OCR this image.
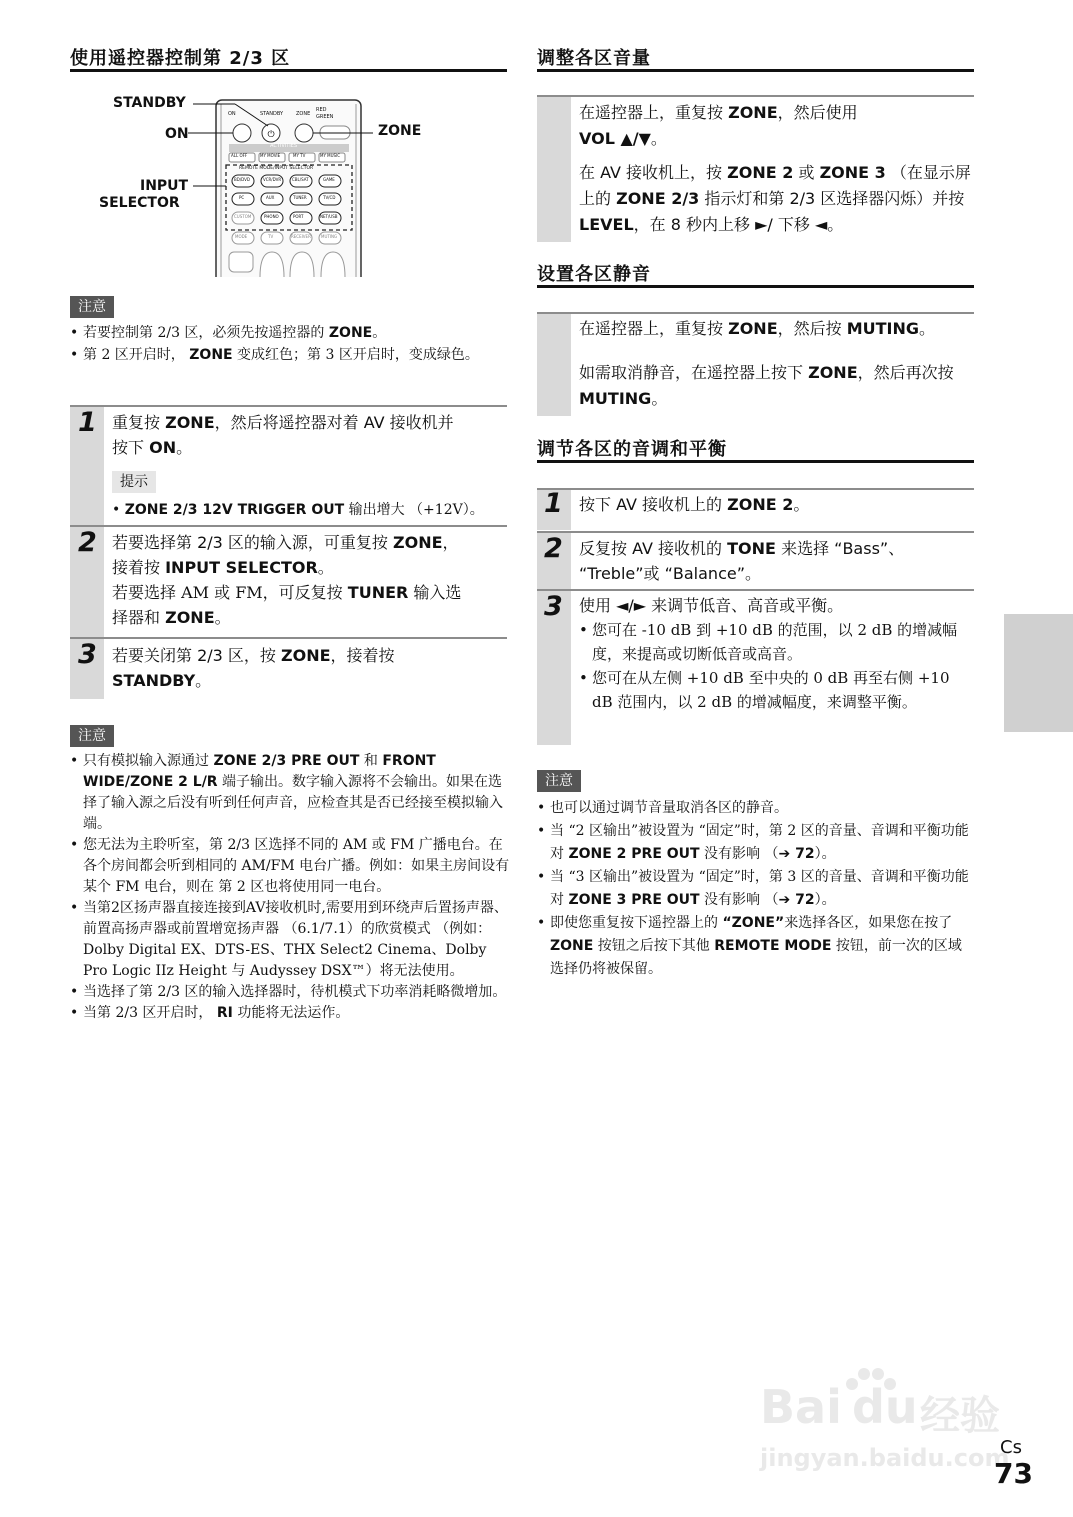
使用遥控器控制第 2/3 区
⏻
ON	STANDBY	ZONE
RED
GREEN
ACTIVITIES
ALL OFF	MY MOVIE	MY TV	MY MUSIC
REMOTE MODE/INPUT SELECTOR
BD/DVD	VCR/DVR	CBL/SAT	GAME
PC	AUX	TUNER	TV/CD
CUSTOM	PHONO	PORT	NET/USB
MODE	TV	RECEIVER	MUTING
STANDBY
ON	ZONE
INPUT
SELECTOR
注意
• 若要控制第 2/3 区，必须先按遥控器的 ZONE。
• 第 2 区开启时， ZONE 变成红色；第 3 区开启时，变成绿色。
1 重复按 ZONE，然后将遥控器对着 AV 接收机并
按下 ON。
提示
• ZONE 2/3 12V TRIGGER OUT 输出增大 （+12V）。
2 若要选择第 2/3 区的输入源，可重复按 ZONE，
接着按 INPUT SELECTOR。
若要选择 AM 或 FM，可反复按 TUNER 输入选
择器和 ZONE。
3 若要关闭第 2/3 区，按 ZONE，接着按
STANDBY。
注意
• 只有模拟输入源通过 ZONE 2/3 PRE OUT 和 FRONT WIDE/ZONE 2 L/R 端子输出。数字输入源将不会输出。如果在选择了输入源之后没有听到任何声音，应检查其是否已经接至模拟输入端。
• 您无法为主聆听室，第 2/3 区选择不同的 AM 或 FM 广播电台。在各个房间都会听到相同的 AM/FM 电台广播。例如：如果主房间设有某个 FM 电台，则在 第 2 区也将使用同一电台。
• 当第2区扬声器直接连接到AV接收机时,需要用到环绕声后置扬声器、前置高扬声器或前置增宽扬声器 （6.1/7.1）的欣赏模式 （例如：Dolby Digital EX、DTS-ES、THX Select2 Cinema、Dolby Pro Logic IIz Height 与 Audyssey DSX™）将无法使用。
• 当选择了第 2/3 区的输入选择器时，待机模式下功率消耗略微增加。
• 当第 2/3 区开启时， RI 功能将无法运作。
调整各区音量
在遥控器上，重复按 ZONE，然后使用
VOL ▲/▼。
在 AV 接收机上，按 ZONE 2 或 ZONE 3 （在显示屏上的 ZONE 2/3 指示灯和第 2/3 区选择器闪烁）并按 LEVEL，在 8 秒内上移 ►/ 下移 ◄。
设置各区静音
在遥控器上，重复按 ZONE，然后按 MUTING。
如需取消静音，在遥控器上按下 ZONE，然后再次按 MUTING。
调节各区的音调和平衡
1 按下 AV 接收机上的 ZONE 2。
2 反复按 AV 接收机的 TONE 来选择 “Bass”、
“Treble”或 “Balance”。
3 使用 ◄/► 来调节低音、高音或平衡。
• 您可在 -10 dB 到 +10 dB 的范围，以 2 dB 的增减幅度，来提高或切断低音或高音。
• 您可在从左侧 +10 dB 至中央的 0 dB 再至右侧 +10 dB 范围内，以 2 dB 的增减幅度，来调整平衡。
注意
• 也可以通过调节音量取消各区的静音。
• 当 “2 区输出”被设置为 “固定”时，第 2 区的音量、音调和平衡功能对 ZONE 2 PRE OUT 没有影响 （➔ 72）。
• 当 “3 区输出”被设置为 “固定”时，第 3 区的音量、音调和平衡功能对 ZONE 3 PRE OUT 没有影响 （➔ 72）。
• 即使您重复按下遥控器上的 “ZONE”来选择各区，如果您在按了 ZONE 按钮之后按下其他 REMOTE MODE 按钮，前一次的区域选择仍将被保留。
Bai du 经验
jingyan.baidu.com
Cs
73
